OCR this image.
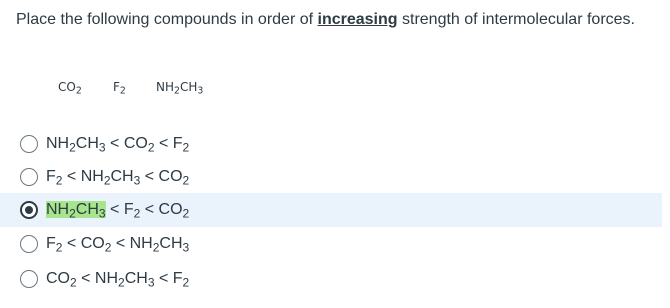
Place the following compounds in order of increasing strength of intermolecular forces.
$CO_2$	$F_2$	$NH_2CH_3$
$NH_2CH_3 < CO_2 < F_2$
$F_2 < NH_2CH_3 < CO_2$
$NH_2CH_3 < F_2 < CO_2$
$F_2 < CO_2 < NH_2CH_3$
$CO_2 < NH_2CH_3 < F_2$
